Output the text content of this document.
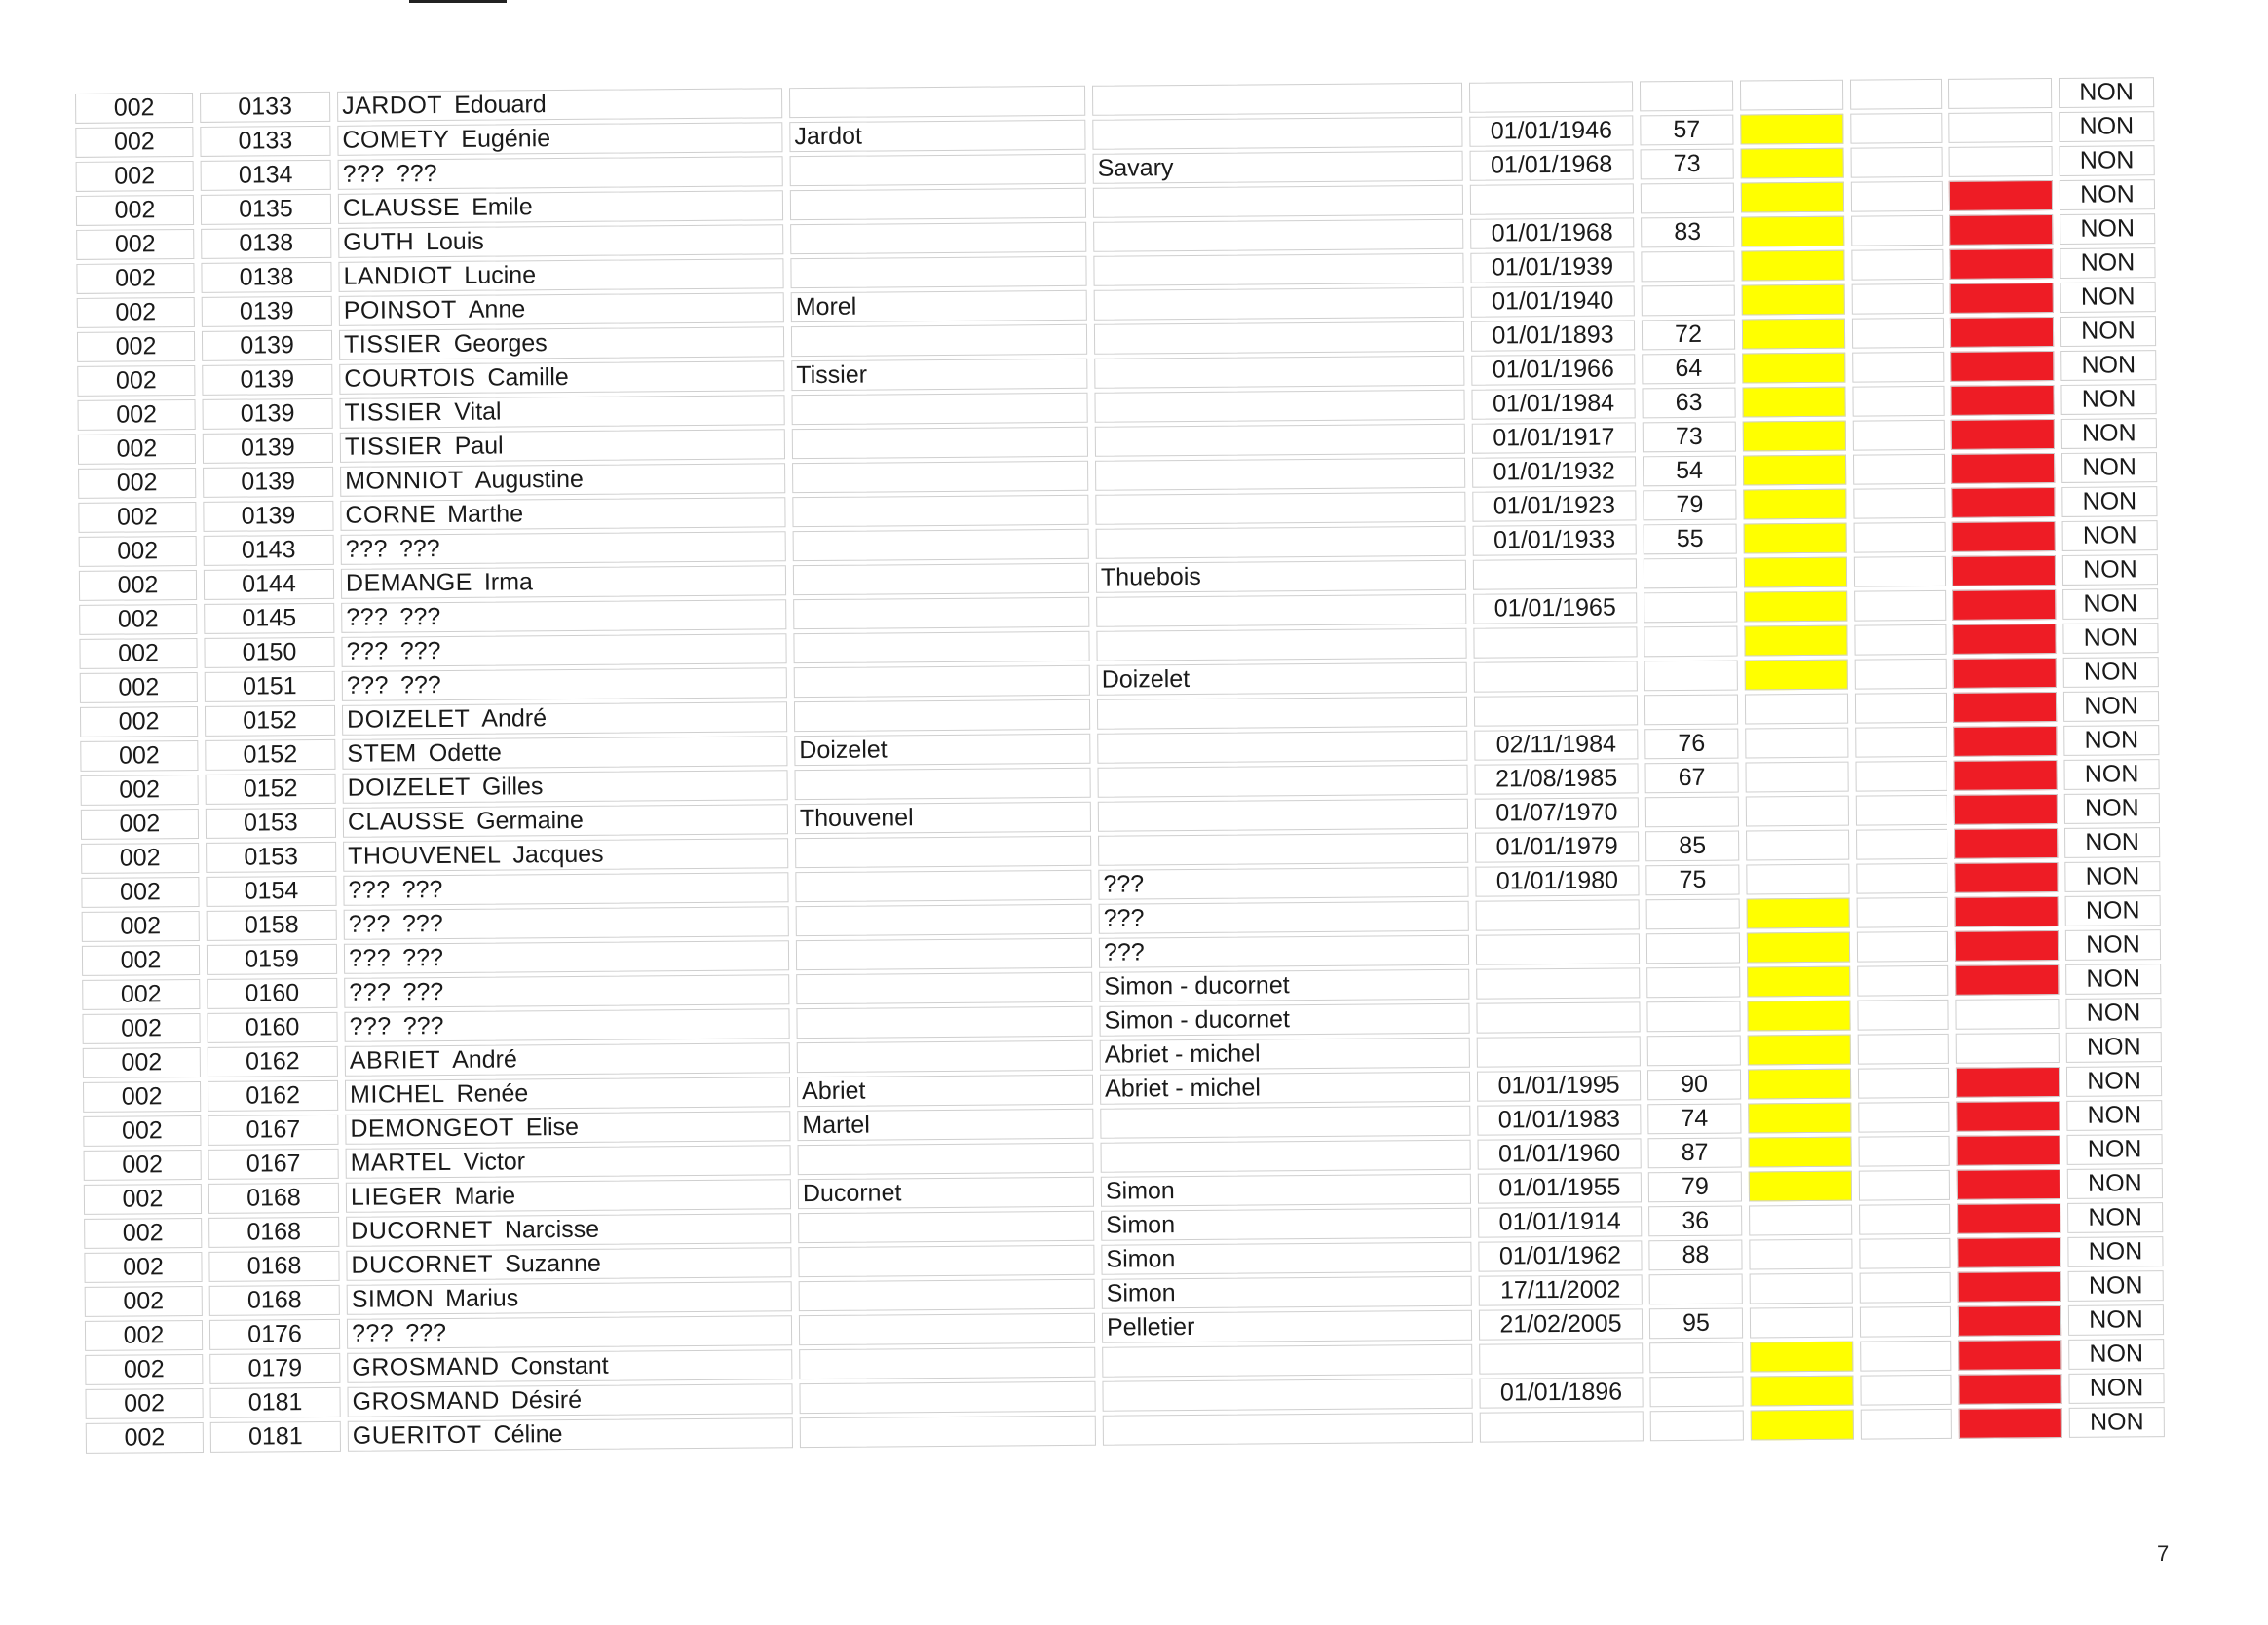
002	0133	JARDOT Edouard								NON
002	0133	COMETY Eugénie	Jardot		01/01/1946	57				NON
002	0134	??? ???		Savary	01/01/1968	73				NON
002	0135	CLAUSSE Emile								NON
002	0138	GUTH Louis			01/01/1968	83				NON
002	0138	LANDIOT Lucine			01/01/1939					NON
002	0139	POINSOT Anne	Morel		01/01/1940					NON
002	0139	TISSIER Georges			01/01/1893	72				NON
002	0139	COURTOIS Camille	Tissier		01/01/1966	64				NON
002	0139	TISSIER Vital			01/01/1984	63				NON
002	0139	TISSIER Paul			01/01/1917	73				NON
002	0139	MONNIOT Augustine			01/01/1932	54				NON
002	0139	CORNE Marthe			01/01/1923	79				NON
002	0143	??? ???			01/01/1933	55				NON
002	0144	DEMANGE Irma		Thuebois						NON
002	0145	??? ???			01/01/1965					NON
002	0150	??? ???								NON
002	0151	??? ???		Doizelet						NON
002	0152	DOIZELET André								NON
002	0152	STEM Odette	Doizelet		02/11/1984	76				NON
002	0152	DOIZELET Gilles			21/08/1985	67				NON
002	0153	CLAUSSE Germaine	Thouvenel		01/07/1970					NON
002	0153	THOUVENEL Jacques			01/01/1979	85				NON
002	0154	??? ???		???	01/01/1980	75				NON
002	0158	??? ???		???						NON
002	0159	??? ???		???						NON
002	0160	??? ???		Simon - ducornet						NON
002	0160	??? ???		Simon - ducornet						NON
002	0162	ABRIET André		Abriet - michel						NON
002	0162	MICHEL Renée	Abriet	Abriet - michel	01/01/1995	90				NON
002	0167	DEMONGEOT Elise	Martel		01/01/1983	74				NON
002	0167	MARTEL Victor			01/01/1960	87				NON
002	0168	LIEGER Marie	Ducornet	Simon	01/01/1955	79				NON
002	0168	DUCORNET Narcisse		Simon	01/01/1914	36				NON
002	0168	DUCORNET Suzanne		Simon	01/01/1962	88				NON
002	0168	SIMON Marius		Simon	17/11/2002					NON
002	0176	??? ???		Pelletier	21/02/2005	95				NON
002	0179	GROSMAND Constant								NON
002	0181	GROSMAND Désiré			01/01/1896					NON
002	0181	GUERITOT Céline								NON
7
